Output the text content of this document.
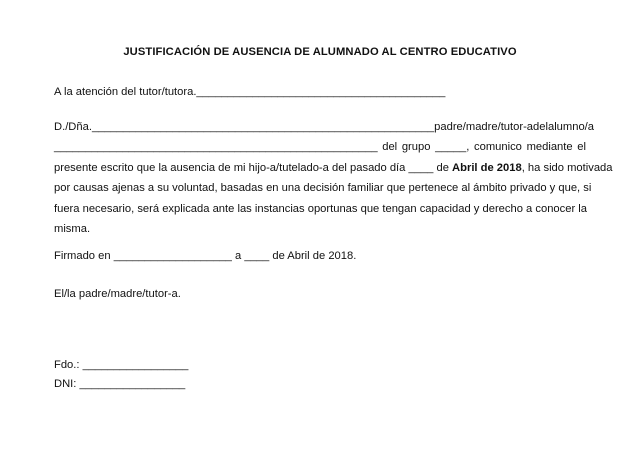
JUSTIFICACIÓN DE AUSENCIA DE ALUMNADO AL CENTRO EDUCATIVO
A la atención del tutor/tutora.________________________________________
D./Dña. _______________________________________________________ padre/madre/tutor-a del alumno/a
____________________________________________________ del grupo _____, comunico mediante el
presente escrito que la ausencia de mi hijo-a/tutelado-a del pasado día ____ de Abril de 2018, ha sido motivada
por causas ajenas a su voluntad, basadas en una decisión familiar que pertenece al ámbito privado y que, si
fuera necesario, será explicada ante las instancias oportunas que tengan capacidad y derecho a conocer la
misma.
Firmado en ___________________ a ____ de Abril de 2018.
El/la padre/madre/tutor-a.
Fdo.: _________________
DNI: _________________
